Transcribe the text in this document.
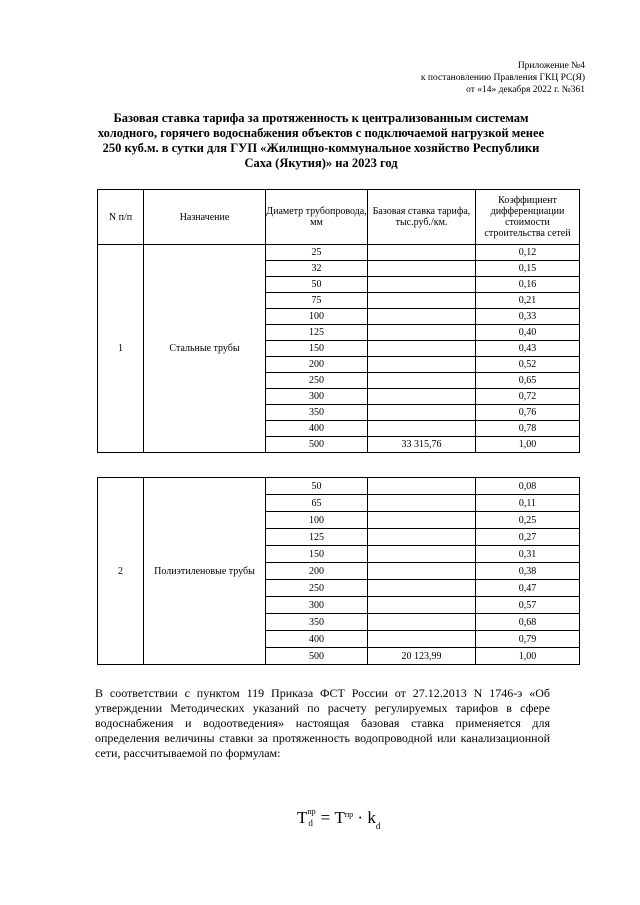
Приложение №4
к постановлению Правления ГКЦ РС(Я)
от «14» декабря 2022 г. №361
Базовая ставка тарифа за протяженность к централизованным системам холодного, горячего водоснабжения объектов с подключаемой нагрузкой менее 250 куб.м. в сутки для ГУП «Жилищно-коммунальное хозяйство Республики Саха (Якутия)» на 2023 год
N п/п	Назначение	Диаметр трубопровода, мм	Базовая ставка тарифа, тыс.руб./км.	Коэффициент дифференциации стоимости строительства сетей
1	Стальные трубы	25		0,12
		32		0,15
		50		0,16
		75		0,21
		100		0,33
		125		0,40
		150		0,43
		200		0,52
		250		0,65
		300		0,72
		350		0,76
		400		0,78
		500	33 315,76	1,00
2	Полиэтиленовые трубы	50		0,08
		65		0,11
		100		0,25
		125		0,27
		150		0,31
		200		0,38
		250		0,47
		300		0,57
		350		0,68
		400		0,79
		500	20 123,99	1,00
В соответствии с пунктом 119 Приказа ФСТ России от 27.12.2013 N 1746-э «Об утверждении Методических указаний по расчету регулируемых тарифов в сфере водоснабжения и водоотведения» настоящая базовая ставка применяется для определения величины ставки за протяженность водопроводной или канализационной сети, рассчитываемой по формулам:
Т пр
$d = Т^{пр} \cdot k_d$
